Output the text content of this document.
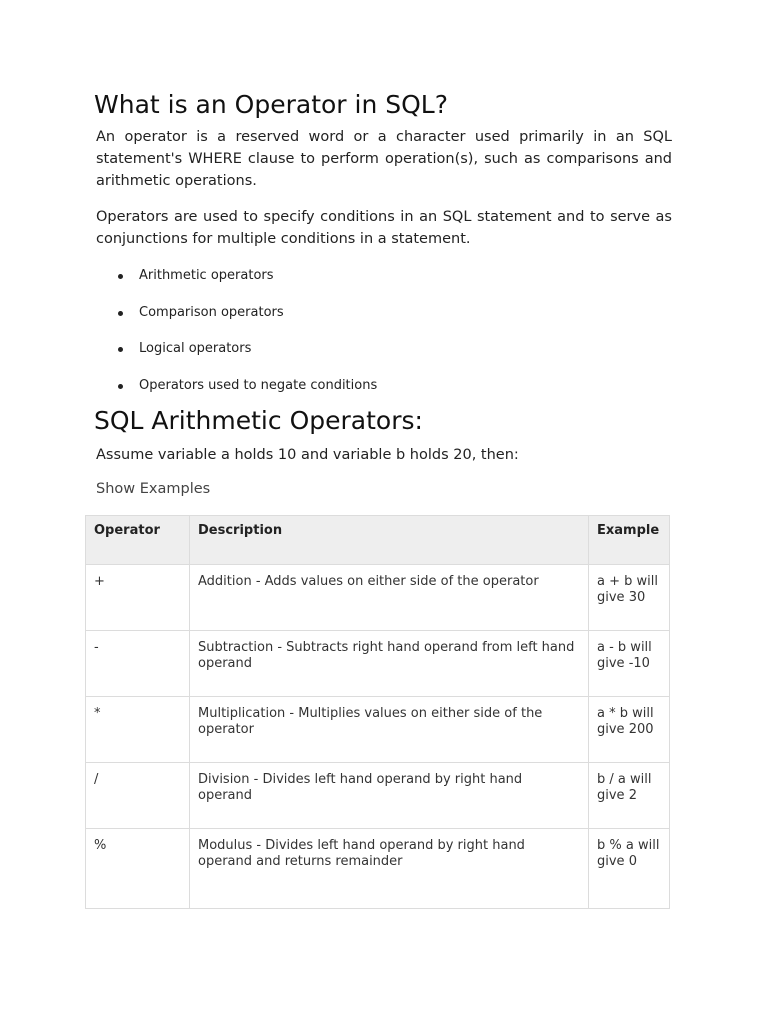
What is an Operator in SQL?

An operator is a reserved word or a character used primarily in an SQL statement's WHERE clause to perform operation(s), such as comparisons and arithmetic operations.

Operators are used to specify conditions in an SQL statement and to serve as conjunctions for multiple conditions in a statement.

Arithmetic operators
Comparison operators
Logical operators
Operators used to negate conditions
SQL Arithmetic Operators:

Assume variable a holds 10 and variable b holds 20, then:

Show Examples
Operator	Description	Example
+	Addition - Adds values on either side of the operator	a + b will give 30
-	Subtraction - Subtracts right hand operand from left hand operand	a - b will give -10
*	Multiplication - Multiplies values on either side of the operator	a * b will give 200
/	Division - Divides left hand operand by right hand operand	b / a will give 2
%	Modulus - Divides left hand operand by right hand operand and returns remainder	b % a will give 0
